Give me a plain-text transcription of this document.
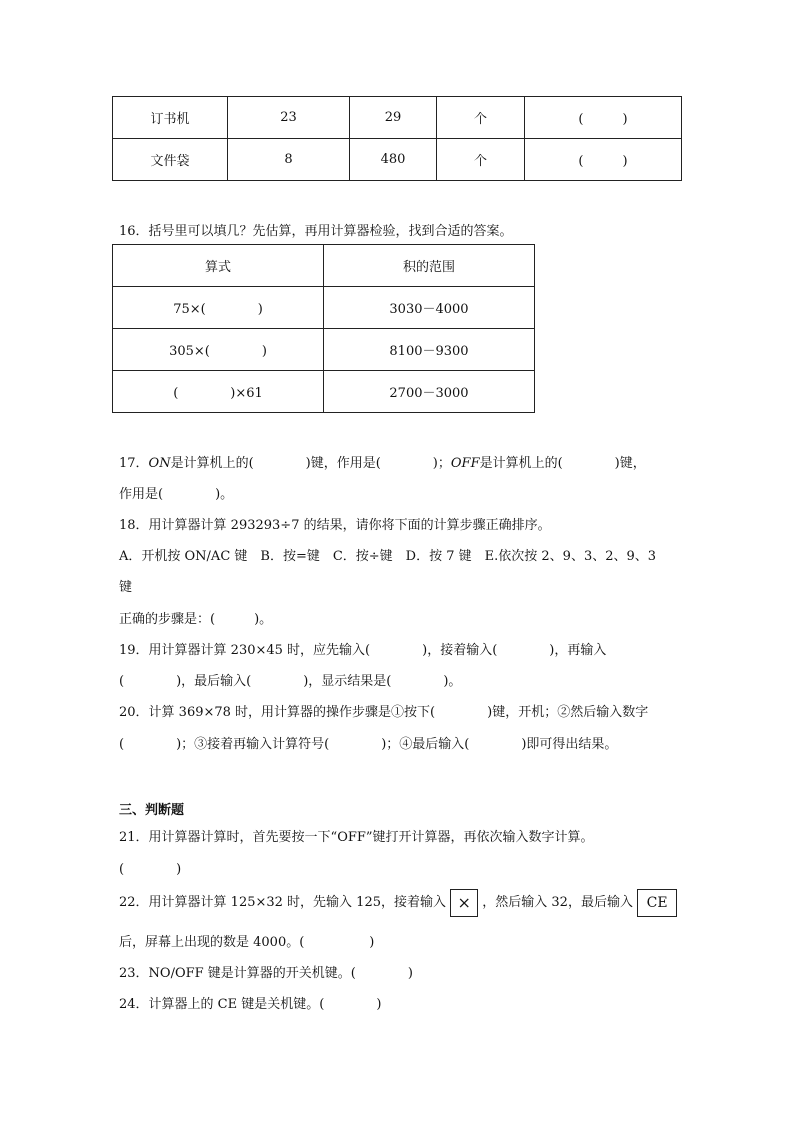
订书机	23	29	个	(　　　)
文件袋	8	480	个	(　　　)
16．括号里可以填几？先估算，再用计算器检验，找到合适的答案。
算式	积的范围
75×(　　　　)	3030－4000
305×(　　　　)	8100－9300
(　　　　)×61	2700－3000
17．ON是计算机上的(　　　　)键，作用是(　　　　)；OFF是计算机上的(　　　　)键，
作用是(　　　　)。
18．用计算器计算 293293÷7 的结果，请你将下面的计算步骤正确排序。
A．开机按 ON/AC 键　B．按=键　C．按÷键　D．按 7 键　E.依次按 2、9、3、2、9、3
键
正确的步骤是：(　　　)。
19．用计算器计算 230×45 时，应先输入(　　　　)，接着输入(　　　　)，再输入
(　　　　)，最后输入(　　　　)，显示结果是(　　　　)。
20．计算 369×78 时，用计算器的操作步骤是①按下(　　　　)键，开机；②然后输入数字
(　　　　)；③接着再输入计算符号(　　　　)；④最后输入(　　　　)即可得出结果。
三、判断题
21．用计算器计算时，首先要按一下“OFF”键打开计算器，再依次输入数字计算。
(　　　　)
22．用计算器计算 125×32 时，先输入 125，接着输入 × ，然后输入 32，最后输入 CE
后，屏幕上出现的数是 4000。(　　　　　)
23．NO/OFF 键是计算器的开关机键。(　　　　)
24．计算器上的 CE 键是关机键。(　　　　)
